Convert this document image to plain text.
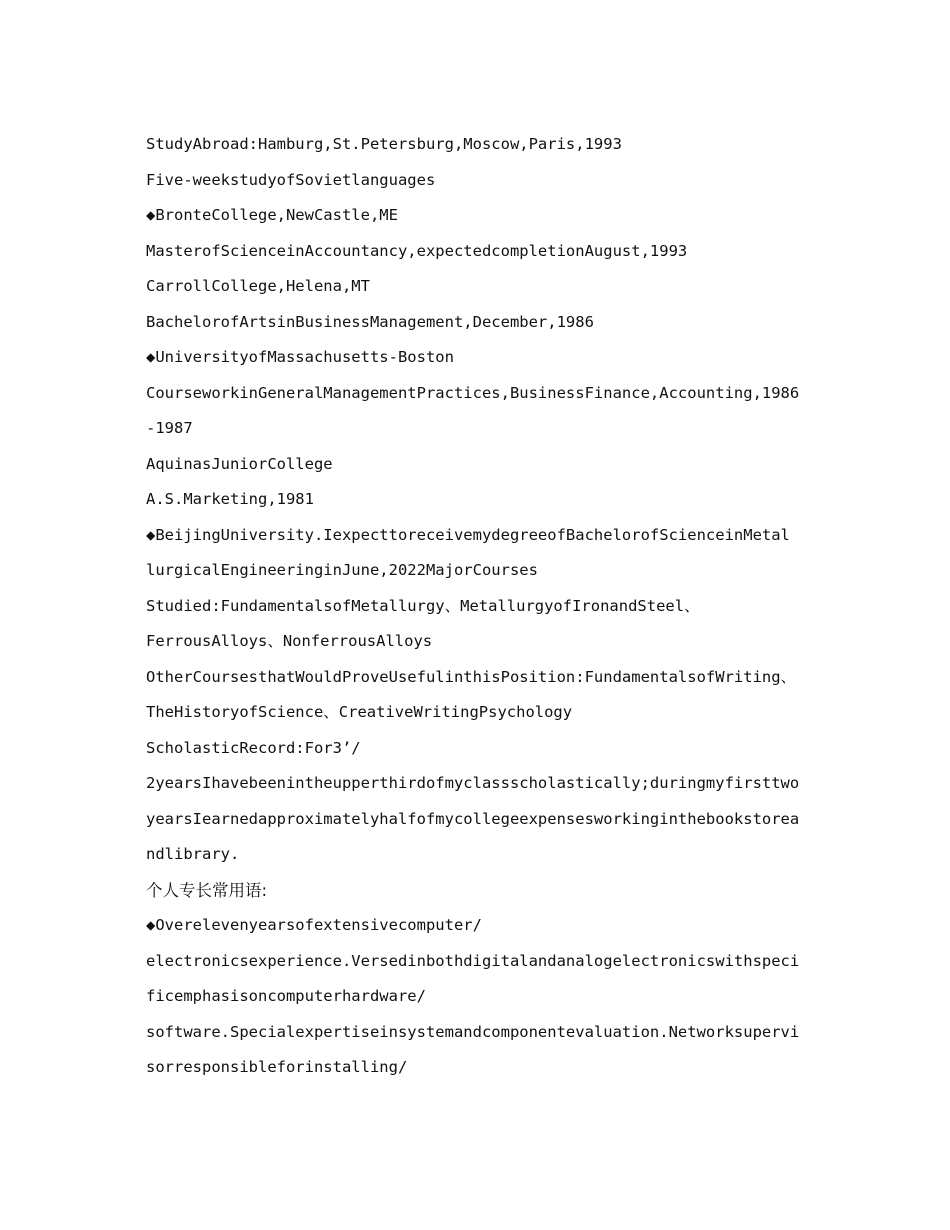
StudyAbroad:Hamburg,St.Petersburg,Moscow,Paris,1993
Five-weekstudyofSovietlanguages
◆BronteCollege,NewCastle,ME
MasterofScienceinAccountancy,expectedcompletionAugust,1993
CarrollCollege,Helena,MT
BachelorofArtsinBusinessManagement,December,1986
◆UniversityofMassachusetts-Boston
CourseworkinGeneralManagementPractices,BusinessFinance,Accounting,1986
-1987
AquinasJuniorCollege
A.S.Marketing,1981
◆BeijingUniversity.IexpecttoreceivemydegreeofBachelorofScienceinMetal
lurgicalEngineeringinJune,2022MajorCourses
Studied:FundamentalsofMetallurgy、MetallurgyofIronandSteel、
FerrousAlloys、NonferrousAlloys
OtherCoursesthatWouldProveUsefulinthisPosition:FundamentalsofWriting、
TheHistoryofScience、CreativeWritingPsychology
ScholasticRecord:For3’/
2yearsIhavebeenintheupperthirdofmyclassscholastically;duringmyfirsttwo
yearsIearnedapproximatelyhalfofmycollegeexpensesworkinginthebookstorea
ndlibrary.
个人专长常用语:
◆Overelevenyearsofextensivecomputer/
electronicsexperience.Versedinbothdigitalandanalogelectronicswithspeci
ficemphasisoncomputerhardware/
software.Specialexpertiseinsystemandcomponentevaluation.Networksupervi
sorresponsibleforinstalling/
